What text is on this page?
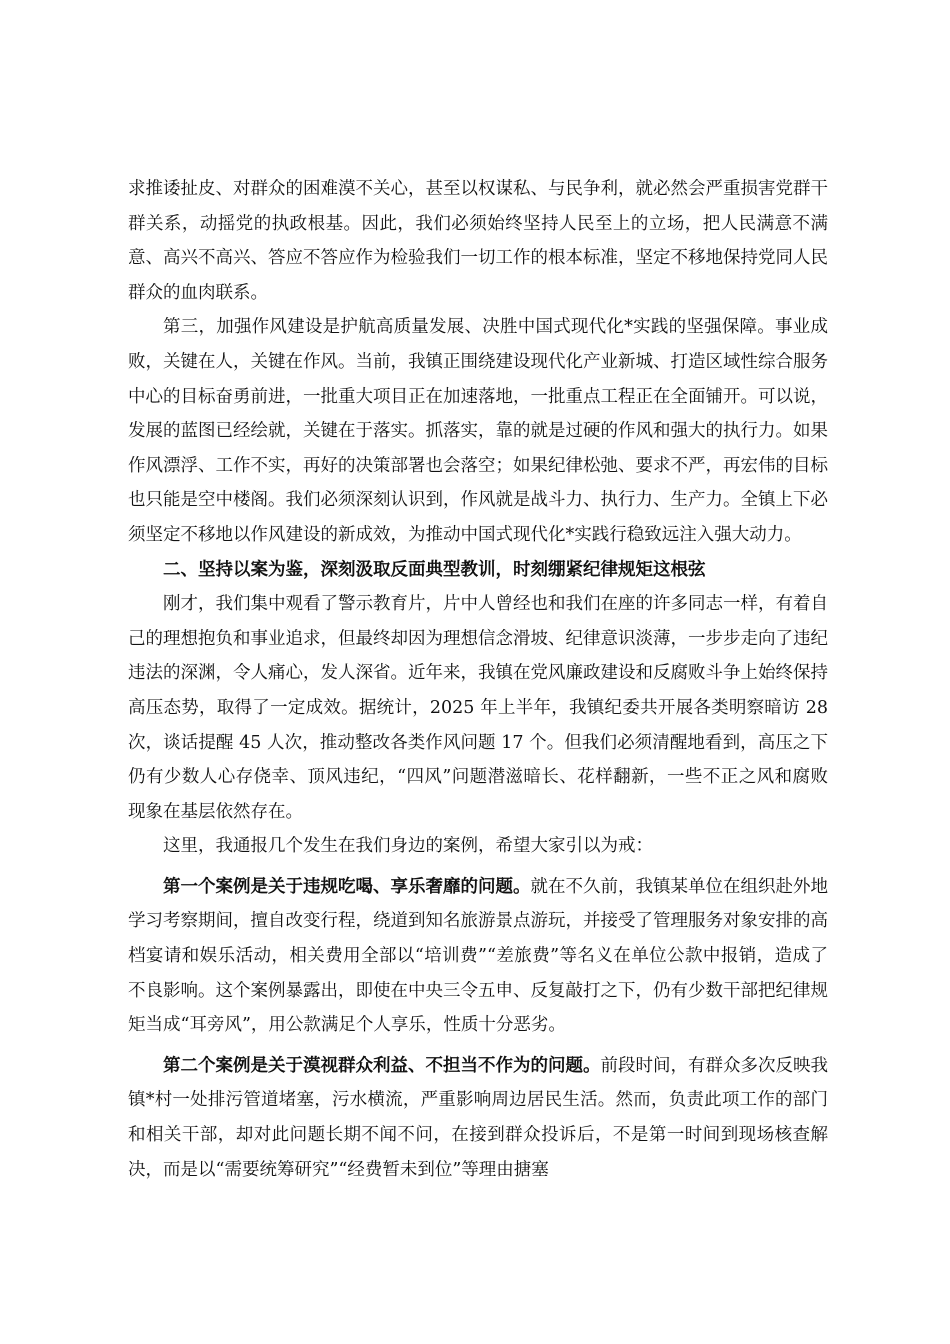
求推诿扯皮、对群众的困难漠不关心，甚至以权谋私、与民争利，就必然会严重损害党群干群关系，动摇党的执政根基。因此，我们必须始终坚持人民至上的立场，把人民满意不满意、高兴不高兴、答应不答应作为检验我们一切工作的根本标准，坚定不移地保持党同人民群众的血肉联系。

第三，加强作风建设是护航高质量发展、决胜中国式现代化*实践的坚强保障。事业成败，关键在人，关键在作风。当前，我镇正围绕建设现代化产业新城、打造区域性综合服务中心的目标奋勇前进，一批重大项目正在加速落地，一批重点工程正在全面铺开。可以说，发展的蓝图已经绘就，关键在于落实。抓落实，靠的就是过硬的作风和强大的执行力。如果作风漂浮、工作不实，再好的决策部署也会落空；如果纪律松弛、要求不严，再宏伟的目标也只能是空中楼阁。我们必须深刻认识到，作风就是战斗力、执行力、生产力。全镇上下必须坚定不移地以作风建设的新成效，为推动中国式现代化*实践行稳致远注入强大动力。

二、坚持以案为鉴，深刻汲取反面典型教训，时刻绷紧纪律规矩这根弦

刚才，我们集中观看了警示教育片，片中人曾经也和我们在座的许多同志一样，有着自己的理想抱负和事业追求，但最终却因为理想信念滑坡、纪律意识淡薄，一步步走向了违纪违法的深渊，令人痛心，发人深省。近年来，我镇在党风廉政建设和反腐败斗争上始终保持高压态势，取得了一定成效。据统计，2025 年上半年，我镇纪委共开展各类明察暗访 28 次，谈话提醒 45 人次，推动整改各类作风问题 17 个。但我们必须清醒地看到，高压之下仍有少数人心存侥幸、顶风违纪，“四风”问题潜滋暗长、花样翻新，一些不正之风和腐败现象在基层依然存在。

这里，我通报几个发生在我们身边的案例，希望大家引以为戒：

第一个案例是关于违规吃喝、享乐奢靡的问题。就在不久前，我镇某单位在组织赴外地学习考察期间，擅自改变行程，绕道到知名旅游景点游玩，并接受了管理服务对象安排的高档宴请和娱乐活动，相关费用全部以“培训费”“差旅费”等名义在单位公款中报销，造成了不良影响。这个案例暴露出，即使在中央三令五申、反复敲打之下，仍有少数干部把纪律规矩当成“耳旁风”，用公款满足个人享乐，性质十分恶劣。

第二个案例是关于漠视群众利益、不担当不作为的问题。前段时间，有群众多次反映我镇*村一处排污管道堵塞，污水横流，严重影响周边居民生活。然而，负责此项工作的部门和相关干部，却对此问题长期不闻不问，在接到群众投诉后，不是第一时间到现场核查解决，而是以“需要统筹研究”“经费暂未到位”等理由搪塞
